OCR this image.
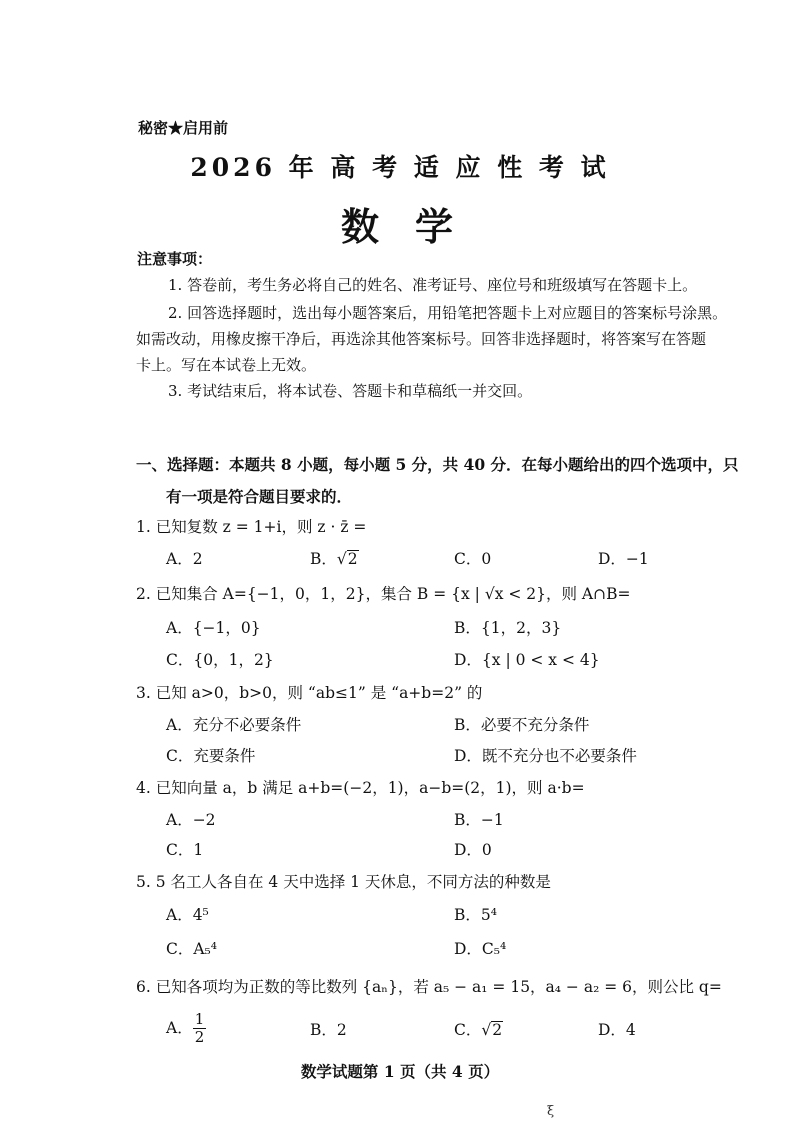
秘密★启用前
2026 年 高 考 适 应 性 考 试
数学
注意事项：
1. 答卷前，考生务必将自己的姓名、准考证号、座位号和班级填写在答题卡上。
2. 回答选择题时，选出每小题答案后，用铅笔把答题卡上对应题目的答案标号涂黑。
如需改动，用橡皮擦干净后，再选涂其他答案标号。回答非选择题时，将答案写在答题
卡上。写在本试卷上无效。
3. 考试结束后，将本试卷、答题卡和草稿纸一并交回。
一、选择题：本题共 8 小题，每小题 5 分，共 40 分．在每小题给出的四个选项中，只
有一项是符合题目要求的．
1. 已知复数 z = 1+i，则 z · z̄ =
A．2	B．√2	C．0	D．−1
2. 已知集合 A={−1，0，1，2}，集合 B = {x | √x < 2}，则 A∩B=
A．{−1，0}	B．{1，2，3}
C．{0，1，2}	D．{x | 0 < x < 4}
3. 已知 a>0，b>0，则 “ab≤1” 是 “a+b=2” 的
A．充分不必要条件	B．必要不充分条件
C．充要条件	D．既不充分也不必要条件
4. 已知向量 a，b 满足 a+b=(−2，1)，a−b=(2，1)，则 a·b=
A．−2	B．−1
C．1	D．0
5. 5 名工人各自在 4 天中选择 1 天休息，不同方法的种数是
A．4⁵	B．5⁴
C．A₅⁴	D．C₅⁴
6. 已知各项均为正数的等比数列 {aₙ}，若 a₅ − a₁ = 15，a₄ − a₂ = 6，则公比 q=
A． $\frac{1}{2}$	B．2	C．√2	D．4
数学试题第 1 页（共 4 页）
ξ
